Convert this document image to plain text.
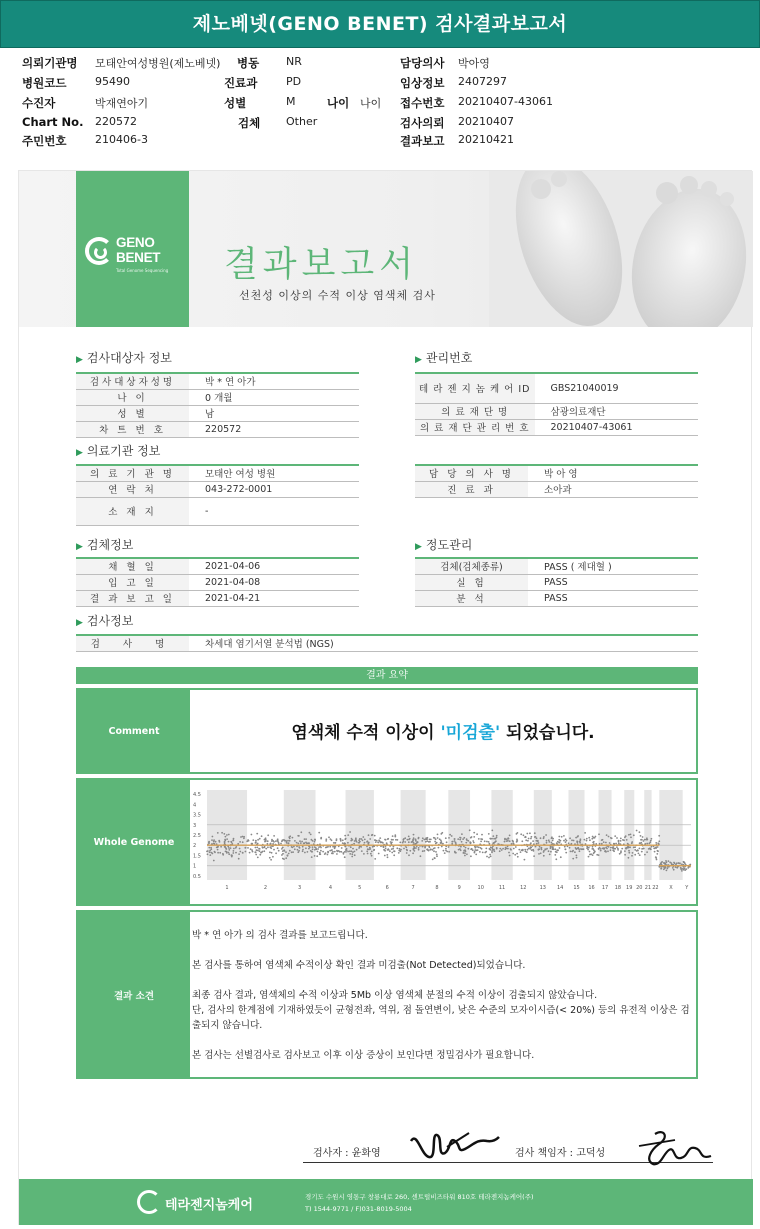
제노베넷(GENO BENET) 검사결과보고서
의뢰기관명 모태안여성병원(제노베넷) 병동 NR	담당의사 박아영
병원코드	95490	진료과	PD	임상정보 2407297
수진자	박재연아기	성별	M	나이 나이 접수번호 20210407-43061
Chart No. 220572	검체 Other	검사의뢰 20210407
주민번호	210406-3	결과보고 20210421
GENO
BENET
Total Genome Sequencing 결과보고서
선천성 이상의 수적 이상 염색체 검사
▶ 검사대상자 정보
검사대상자성명	박 * 연 아가
나 이	0 개월
성 별	남
차 트 번 호	220572
▶ 관리번호
테 라 젠 지 놈 케 어 ID	GBS21040019
의 료 재 단 명	삼광의료재단
의 료 재 단 관 리 번 호	20210407-43061
▶ 의료기관 정보
의 료 기 관 명	모태안 여성 병원
연 락 처	043-272-0001
소 재 지	-
담 당 의 사 명	박 아 영
진 료 과	소아과
▶ 검체정보
채 혈 일	2021-04-06
입 고 일	2021-04-08
결 과 보 고 일	2021-04-21
▶ 정도관리
검체(검체종류)	PASS ( 제대혈 )
실 험	PASS
분 석	PASS
▶ 검사정보
검 사 명	차세대 염기서열 분석법 (NGS)
결과 요약
Comment	염색체 수적 이상이 '미검출' 되었습니다.
Whole Genome
4.5
4
3.5
3
2.5
2
1.5
1
0.5
1	2	3	4	5	6	7	8	9	10	11	12	13 14 15 16 17 18 19 20 21 22 X	Y
결과 소견

박 * 연 아가 의 검사 결과를 보고드립니다.

본 검사를 통하여 염색체 수적이상 확인 결과 미검출(Not Detected)되었습니다.

최종 검사 결과, 염색체의 수적 이상과 5Mb 이상 염색체 분절의 수적 이상이 검출되지 않았습니다.

단, 검사의 한계점에 기재하였듯이 균형전좌, 역위, 점 돌연변이, 낮은 수준의 모자이시즘(< 20%) 등의 유전적 이상은 검출되지 않습니다.

본 검사는 선별검사로 검사보고 이후 이상 증상이 보인다면 정밀검사가 필요합니다.

검사자 : 윤화영	검사 책임자 : 고덕성
테라젠지놈케어
경기도 수원시 영통구 창룡대로 260, 센트럴비즈타워 810호 테라젠지놈케어(주)
T) 1544-9771 / F)031-8019-5004
